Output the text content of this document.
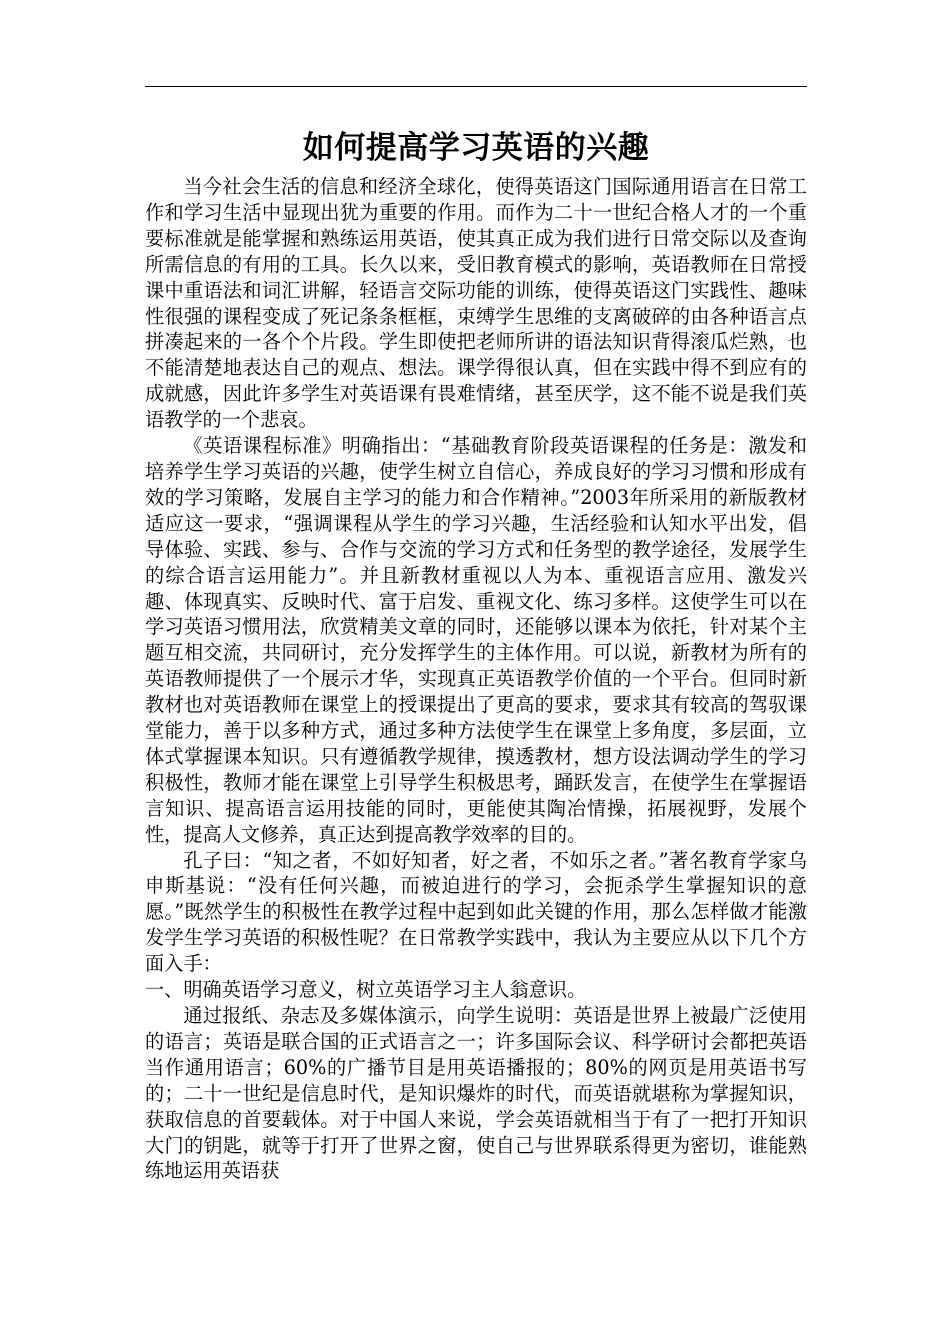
如何提高学习英语的兴趣

当今社会生活的信息和经济全球化，使得英语这门国际通用语言在日常工作和学习生活中显现出犹为重要的作用。而作为二十一世纪合格人才的一个重要标准就是能掌握和熟练运用英语，使其真正成为我们进行日常交际以及查询所需信息的有用的工具。长久以来，受旧教育模式的影响，英语教师在日常授课中重语法和词汇讲解，轻语言交际功能的训练，使得英语这门实践性、趣味性很强的课程变成了死记条条框框，束缚学生思维的支离破碎的由各种语言点拼凑起来的一各个个片段。学生即使把老师所讲的语法知识背得滚瓜烂熟，也不能清楚地表达自己的观点、想法。课学得很认真，但在实践中得不到应有的成就感，因此许多学生对英语课有畏难情绪，甚至厌学，这不能不说是我们英语教学的一个悲哀。

《英语课程标准》明确指出：“基础教育阶段英语课程的任务是：激发和培养学生学习英语的兴趣，使学生树立自信心，养成良好的学习习惯和形成有效的学习策略，发展自主学习的能力和合作精神。”2003年所采用的新版教材适应这一要求，“强调课程从学生的学习兴趣，生活经验和认知水平出发，倡导体验、实践、参与、合作与交流的学习方式和任务型的教学途径，发展学生的综合语言运用能力”。并且新教材重视以人为本、重视语言应用、激发兴趣、体现真实、反映时代、富于启发、重视文化、练习多样。这使学生可以在学习英语习惯用法，欣赏精美文章的同时，还能够以课本为依托，针对某个主题互相交流，共同研讨，充分发挥学生的主体作用。可以说，新教材为所有的英语教师提供了一个展示才华，实现真正英语教学价值的一个平台。但同时新教材也对英语教师在课堂上的授课提出了更高的要求，要求其有较高的驾驭课堂能力，善于以多种方式，通过多种方法使学生在课堂上多角度，多层面，立体式掌握课本知识。只有遵循教学规律，摸透教材，想方设法调动学生的学习积极性，教师才能在课堂上引导学生积极思考，踊跃发言，在使学生在掌握语言知识、提高语言运用技能的同时，更能使其陶冶情操，拓展视野，发展个性，提高人文修养，真正达到提高教学效率的目的。

孔子曰：“知之者，不如好知者，好之者，不如乐之者。”著名教育学家乌申斯基说：“没有任何兴趣，而被迫进行的学习，会扼杀学生掌握知识的意愿。”既然学生的积极性在教学过程中起到如此关键的作用，那么怎样做才能激发学生学习英语的积极性呢？在日常教学实践中，我认为主要应从以下几个方面入手：

一、明确英语学习意义，树立英语学习主人翁意识。

通过报纸、杂志及多媒体演示，向学生说明：英语是世界上被最广泛使用的语言；英语是联合国的正式语言之一；许多国际会议、科学研讨会都把英语当作通用语言；60%的广播节目是用英语播报的；80%的网页是用英语书写的；二十一世纪是信息时代，是知识爆炸的时代，而英语就堪称为掌握知识，获取信息的首要载体。对于中国人来说，学会英语就相当于有了一把打开知识大门的钥匙，就等于打开了世界之窗，使自己与世界联系得更为密切，谁能熟练地运用英语获
